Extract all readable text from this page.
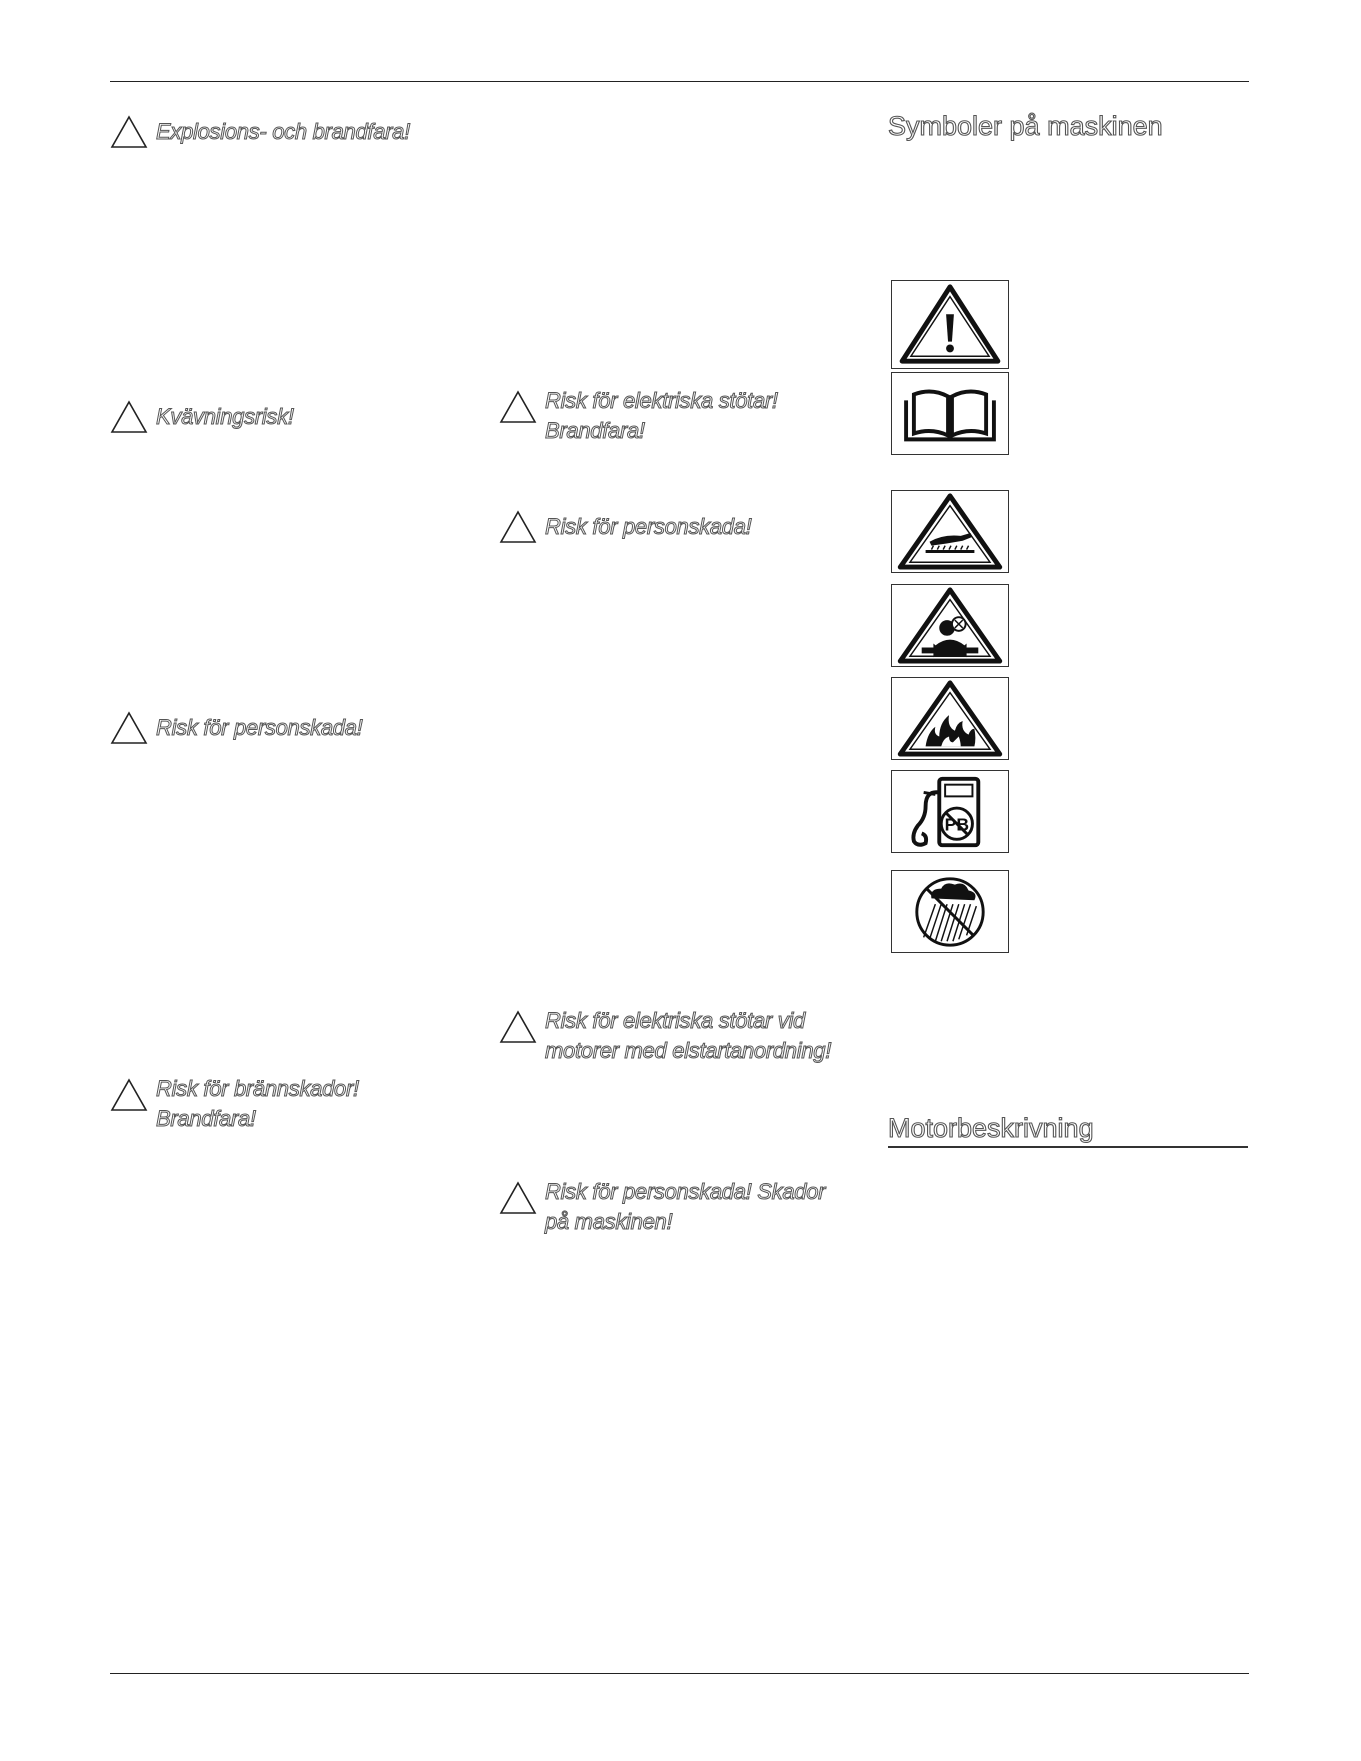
Explosions- och brandfara!
Kvävningsrisk!
Risk för personskada!
Risk för brännskador!
Brandfara!
Risk för elektriska stötar!
Brandfara!
Risk för personskada!
Risk för elektriska stötar vid
motorer med elstartanordning!
Risk för personskada! Skador
på maskinen!
Symboler på maskinen
PB
Motorbeskrivning
